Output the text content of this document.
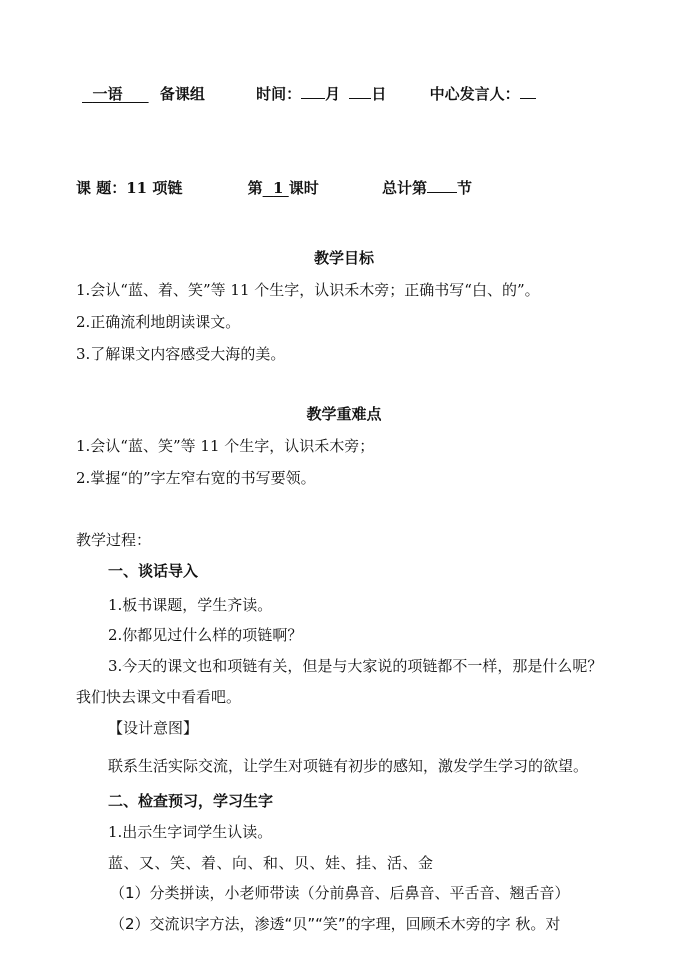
一语 备课组	时间： 月 日	中心发言人：
课 题：11 项链	第 1 课时	总计第 节
教学目标
1.会认“蓝、着、笑”等 11 个生字，认识禾木旁；正确书写“白、的”。
2.正确流利地朗读课文。
3.了解课文内容感受大海的美。
教学重难点
1.会认“蓝、笑”等 11 个生字，认识禾木旁；
2.掌握“的”字左窄右宽的书写要领。
教学过程：
一、谈话导入
1.板书课题，学生齐读。
2.你都见过什么样的项链啊？
3.今天的课文也和项链有关，但是与大家说的项链都不一样，那是什么呢？
我们快去课文中看看吧。
【设计意图】
联系生活实际交流，让学生对项链有初步的感知，激发学生学习的欲望。
二、检查预习，学习生字
1.出示生字词学生认读。
蓝、又、笑、着、向、和、贝、娃、挂、活、金
（1）分类拼读，小老师带读（分前鼻音、后鼻音、平舌音、翘舌音）
（2）交流识字方法，渗透“贝”“笑”的字理，回顾禾木旁的字 秋。对
